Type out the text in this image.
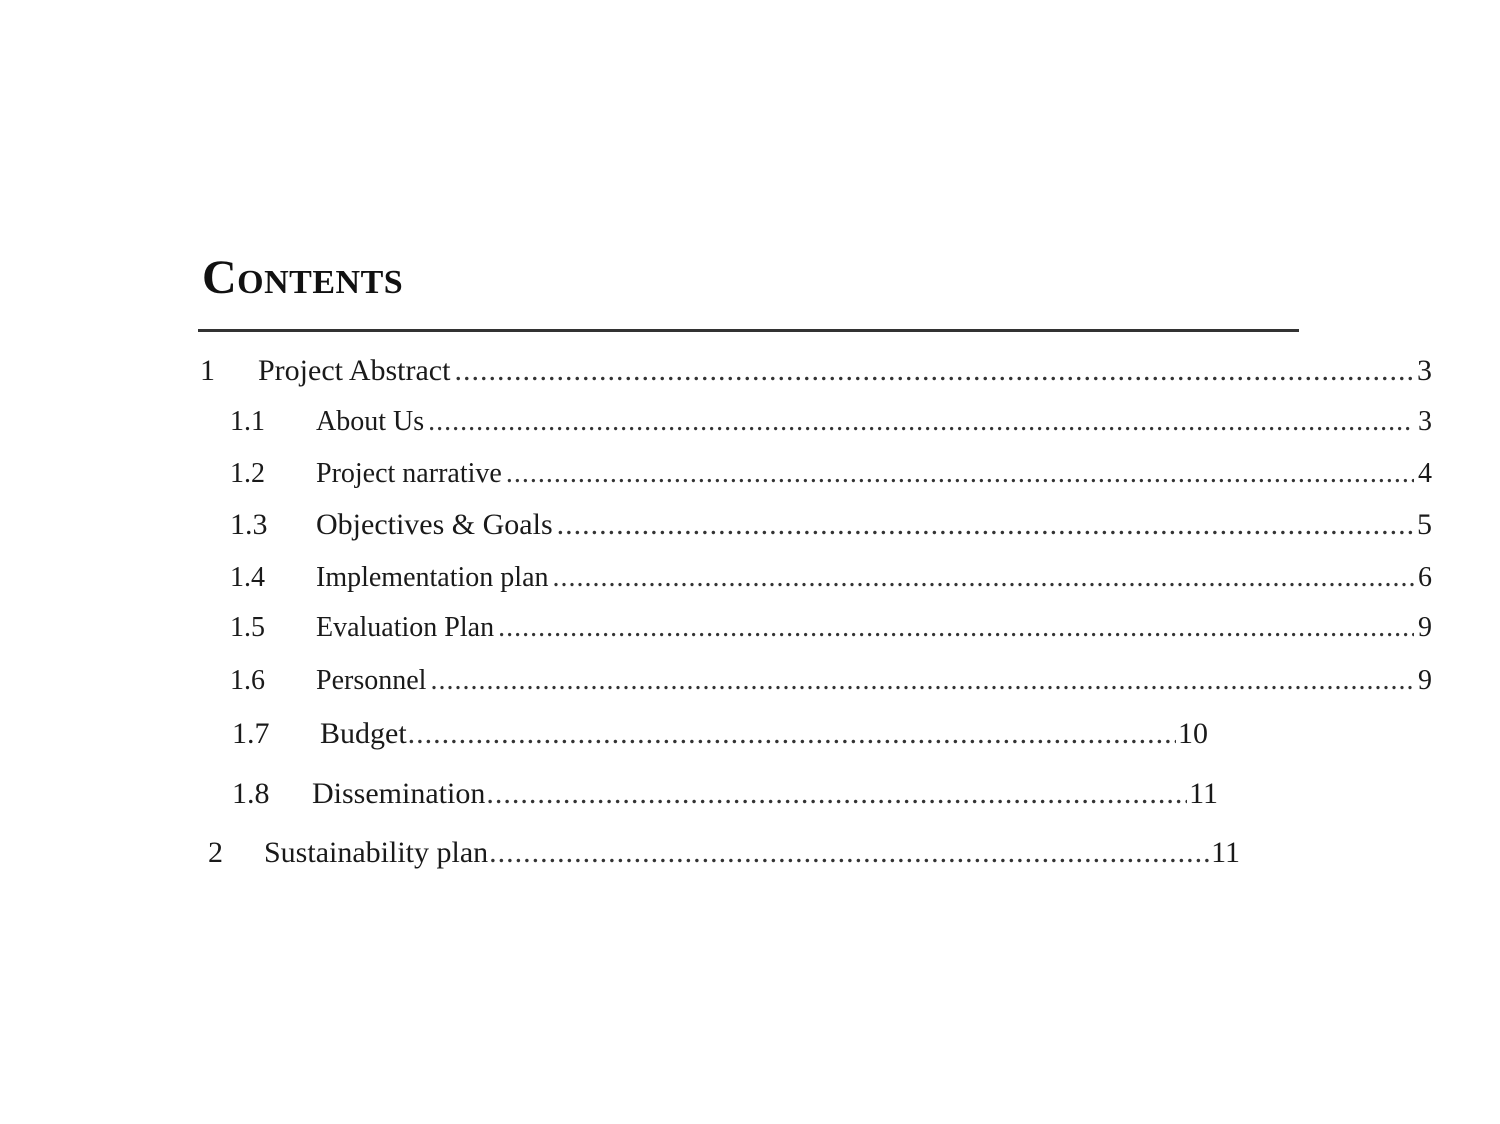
Contents
1	Project Abstract .....	3
1.1	About Us .....	3
1.2	Project narrative .....	4
1.3	Objectives & Goals .....	5
1.4	Implementation plan .....	6
1.5	Evaluation Plan .....	9
1.6	Personnel .....	9
1.7	Budget .....	10
1.8	Dissemination .....	11
2	Sustainability plan .....	11
